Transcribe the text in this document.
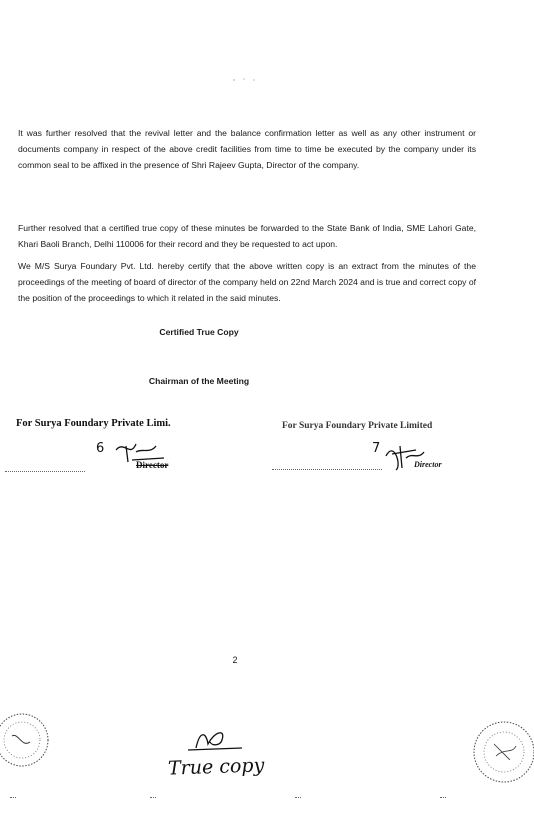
It was further resolved that the revival letter and the balance confirmation letter as well as any other instrument or documents company in respect of the above credit facilities from time to time be executed by the company under its common seal to be affixed in the presence of Shri Rajeev Gupta, Director of the company.
Further resolved that a certified true copy of these minutes be forwarded to the State Bank of India, SME Lahori Gate, Khari Baoli Branch, Delhi 110006 for their record and they be requested to act upon.
We M/S Surya Foundary Pvt. Ltd. hereby certify that the above written copy is an extract from the minutes of the proceedings of the meeting of board of director of the company held on 22nd March 2024 and is true and correct copy of the position of the proceedings to which it related in the said minutes.
Certified True Copy
Chairman of the Meeting
For Surya Foundary Private Limi.
6
Director
For Surya Foundary Private Limited
7
Director
2
True copy
